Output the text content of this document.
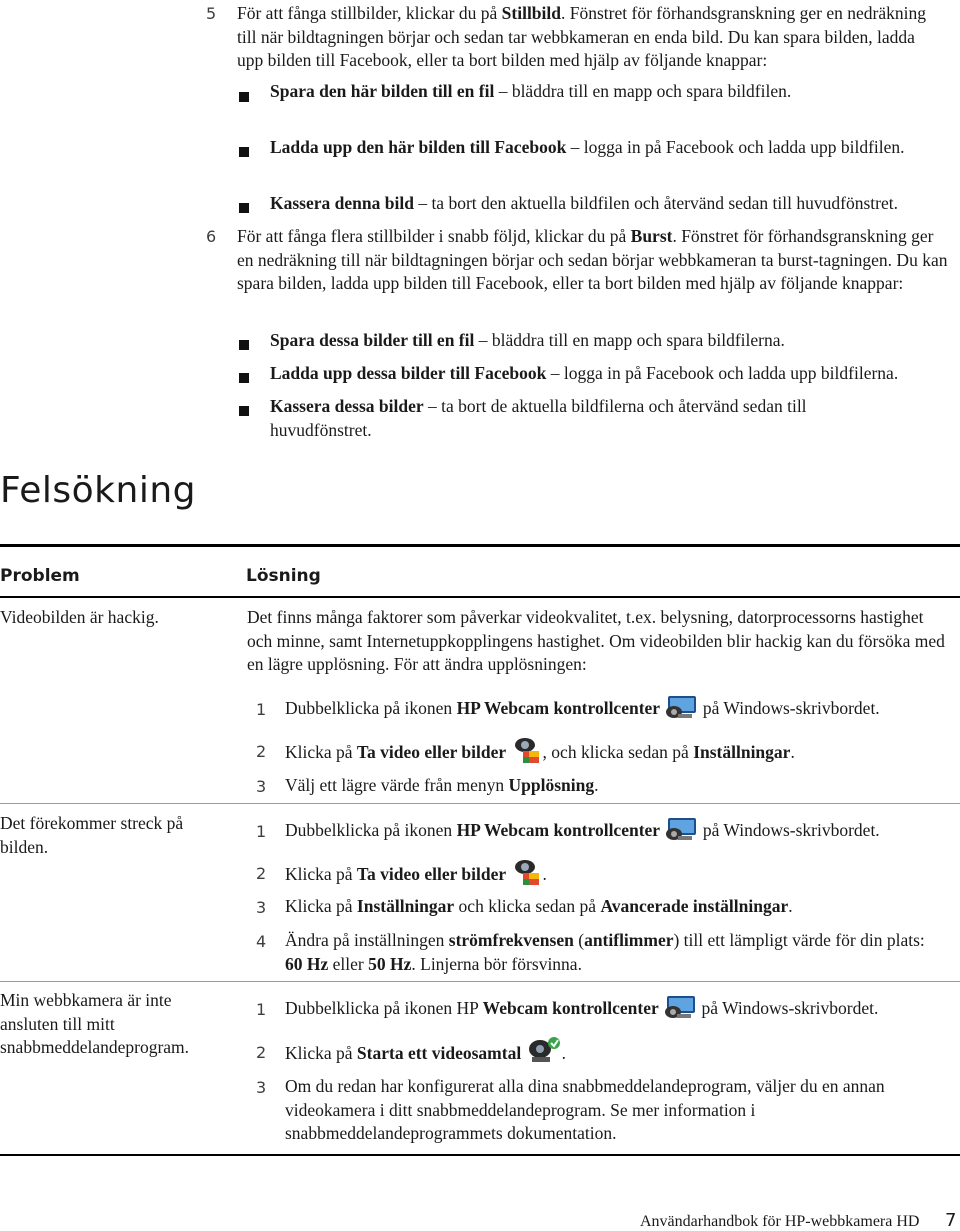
5 För att fånga stillbilder, klickar du på Stillbild. Fönstret för förhandsgranskning ger en nedräkning till när bildtagningen börjar och sedan tar webbkameran en enda bild. Du kan spara bilden, ladda upp bilden till Facebook, eller ta bort bilden med hjälp av följande knappar:
Spara den här bilden till en fil – bläddra till en mapp och spara bildfilen.
Ladda upp den här bilden till Facebook – logga in på Facebook och ladda upp bildfilen.
Kassera denna bild – ta bort den aktuella bildfilen och återvänd sedan till huvudfönstret.
6 För att fånga flera stillbilder i snabb följd, klickar du på Burst. Fönstret för förhandsgranskning ger en nedräkning till när bildtagningen börjar och sedan börjar webbkameran ta burst-tagningen. Du kan spara bilden, ladda upp bilden till Facebook, eller ta bort bilden med hjälp av följande knappar:
Spara dessa bilder till en fil – bläddra till en mapp och spara bildfilerna.
Ladda upp dessa bilder till Facebook – logga in på Facebook och ladda upp bildfilerna.
Kassera dessa bilder – ta bort de aktuella bildfilerna och återvänd sedan till huvudfönstret.
Felsökning
Problem	Lösning
Videobilden är hackig.	Det finns många faktorer som påverkar videokvalitet, t.ex. belysning, datorprocessorns hastighet och minne, samt Internetuppkopplingens hastighet. Om videobilden blir hackig kan du försöka med en lägre upplösning. För att ändra upplösningen:
1 Dubbelklicka på ikonen HP Webcam kontrollcenter  på Windows-skrivbordet.
2 Klicka på Ta video eller bilder , och klicka sedan på Inställningar.
3 Välj ett lägre värde från menyn Upplösning.
Det förekommer streck på bilden.
1 Dubbelklicka på ikonen HP Webcam kontrollcenter  på Windows-skrivbordet.
2 Klicka på Ta video eller bilder .
3 Klicka på Inställningar och klicka sedan på Avancerade inställningar.
4 Ändra på inställningen strömfrekvensen (antiflimmer) till ett lämpligt värde för din plats: 60 Hz eller 50 Hz. Linjerna bör försvinna.
Min webbkamera är inte ansluten till mitt snabbmeddelandeprogram.
1 Dubbelklicka på ikonen HP Webcam kontrollcenter  på Windows-skrivbordet.
2 Klicka på Starta ett videosamtal .
3 Om du redan har konfigurerat alla dina snabbmeddelandeprogram, väljer du en annan videokamera i ditt snabbmeddelandeprogram. Se mer information i snabbmeddelandeprogrammets dokumentation.
Användarhandbok för HP-webbkamera HD 7
